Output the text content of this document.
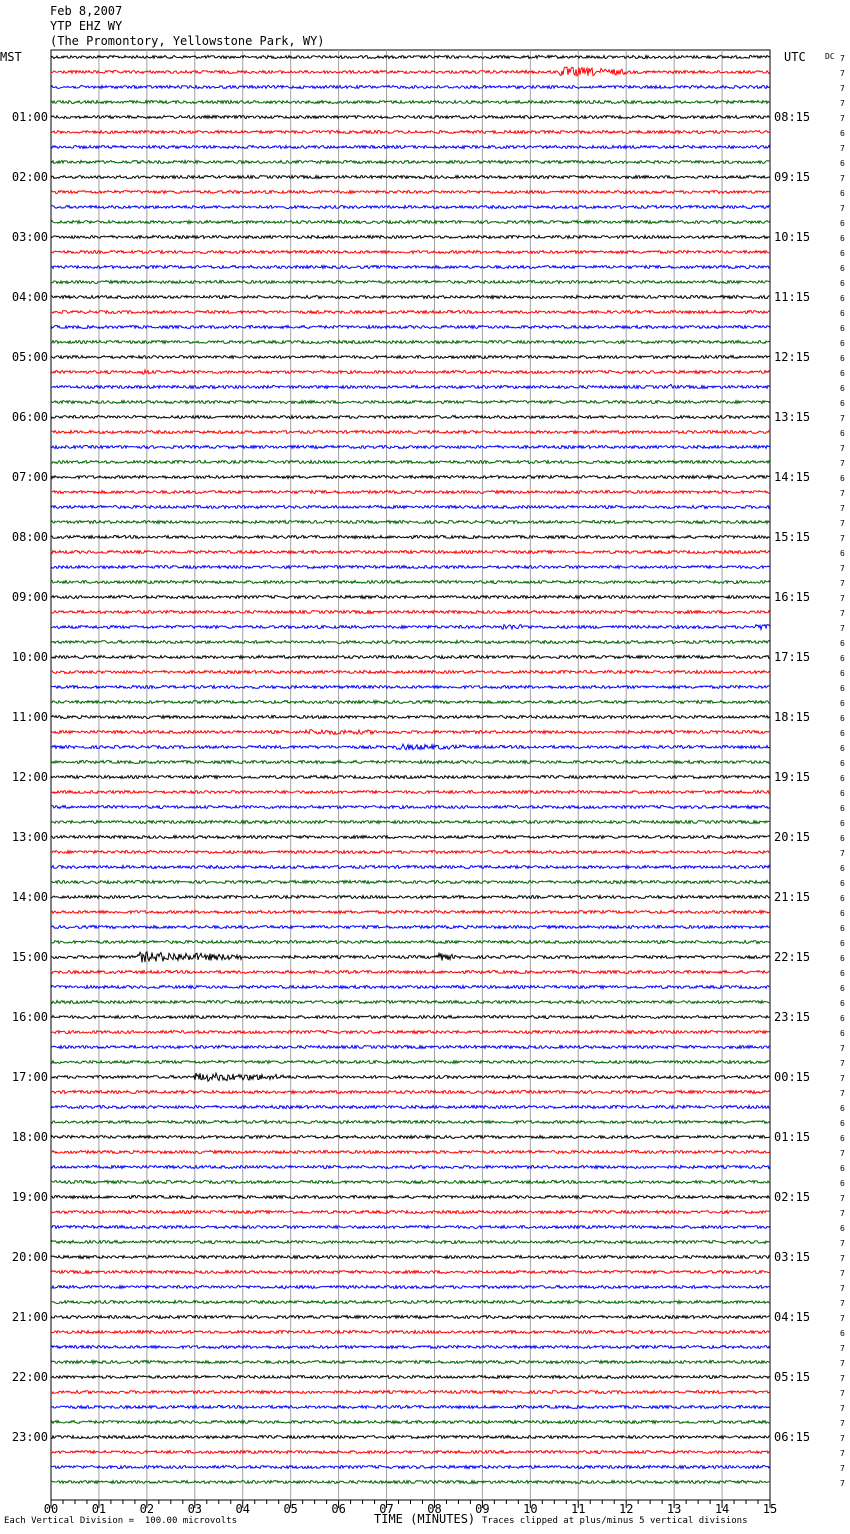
Feb 8,2007
YTP EHZ WY
(The Promontory, Yellowstone Park, WY)
MST	UTC DC
00	01	02	03	04	05	06	07	08	09	10	11	12	13	14	15
7
7
7
7
7
6
7
6
7
6
7
6
6
6
6
6
6
6
6
6
6
6
6
6
7
6
7
7
6
7
7
7
7
6
7
7
7
7
7
6
6
6
6
6
6
6
6
6
6
6
6
6
6
7
6
6
6
6
6
6
6
6
6
6
6
6
7
7
7
7
6
6
6
7
6
6
7
7
6
7
7
7
7
7
7
6
7
7
7
7
7
7
7
7
7
7
01:00
02:00
03:00
04:00
05:00
06:00
07:00
08:00
09:00
10:00
11:00
12:00
13:00
14:00
15:00
16:00
17:00
18:00
19:00
20:00
21:00
22:00
23:00
08:15
09:15
10:15
11:15
12:15
13:15
14:15
15:15
16:15
17:15
18:15
19:15
20:15
21:15
22:15
23:15
00:15
01:15
02:15
03:15
04:15
05:15
06:15
Each Vertical Division =  100.00 microvolts	TIME (MINUTES) Traces clipped at plus/minus 5 vertical divisions
